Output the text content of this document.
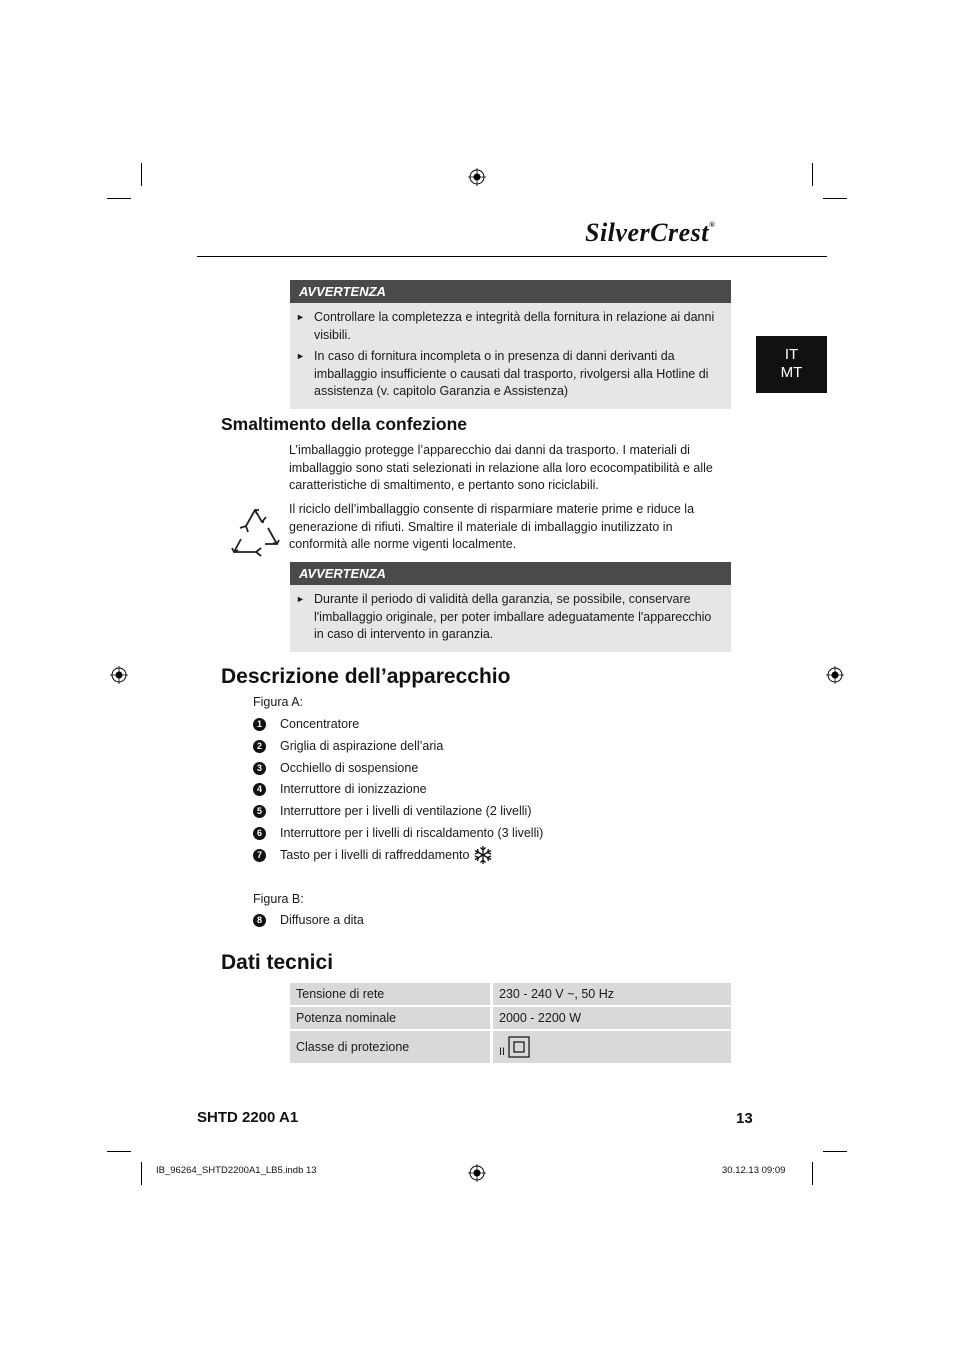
SilverCrest®
IT
MT
AVVERTENZA
► Controllare la completezza e integrità della fornitura in relazione ai danni visibili.
► In caso di fornitura incompleta o in presenza di danni derivanti da imballaggio insufficiente o causati dal trasporto, rivolgersi alla Hotline di assistenza (v. capitolo Garanzia e Assistenza)
Smaltimento della confezione

L’imballaggio protegge l’apparecchio dai danni da trasporto. I materiali di imballaggio sono stati selezionati in relazione alla loro ecocompatibilità e alle caratteristiche di smaltimento, e pertanto sono riciclabili.

Il riciclo dell’imballaggio consente di risparmiare materie prime e riduce la generazione di rifiuti. Smaltire il materiale di imballaggio inutilizzato in conformità alle norme vigenti localmente.

AVVERTENZA
► Durante il periodo di validità della garanzia, se possibile, conservare l'imballaggio originale, per poter imballare adeguatamente l'apparecchio in caso di intervento in garanzia.
Descrizione dell’apparecchio
Figura A:
1	Concentratore
2	Griglia di aspirazione dell’aria
3	Occhiello di sospensione
4	Interruttore di ionizzazione
5	Interruttore per i livelli di ventilazione (2 livelli)
6	Interruttore per i livelli di riscaldamento (3 livelli)
7	Tasto per i livelli di raffreddamento
Figura B:
8	Diffusore a dita
Dati tecnici
Tensione di rete	230 - 240 V ~, 50 Hz
Potenza nominale	2000 - 2200 W
Classe di protezione	II
SHTD 2200 A1	13
IB_96264_SHTD2200A1_LB5.indb 13	30.12.13 09:09
